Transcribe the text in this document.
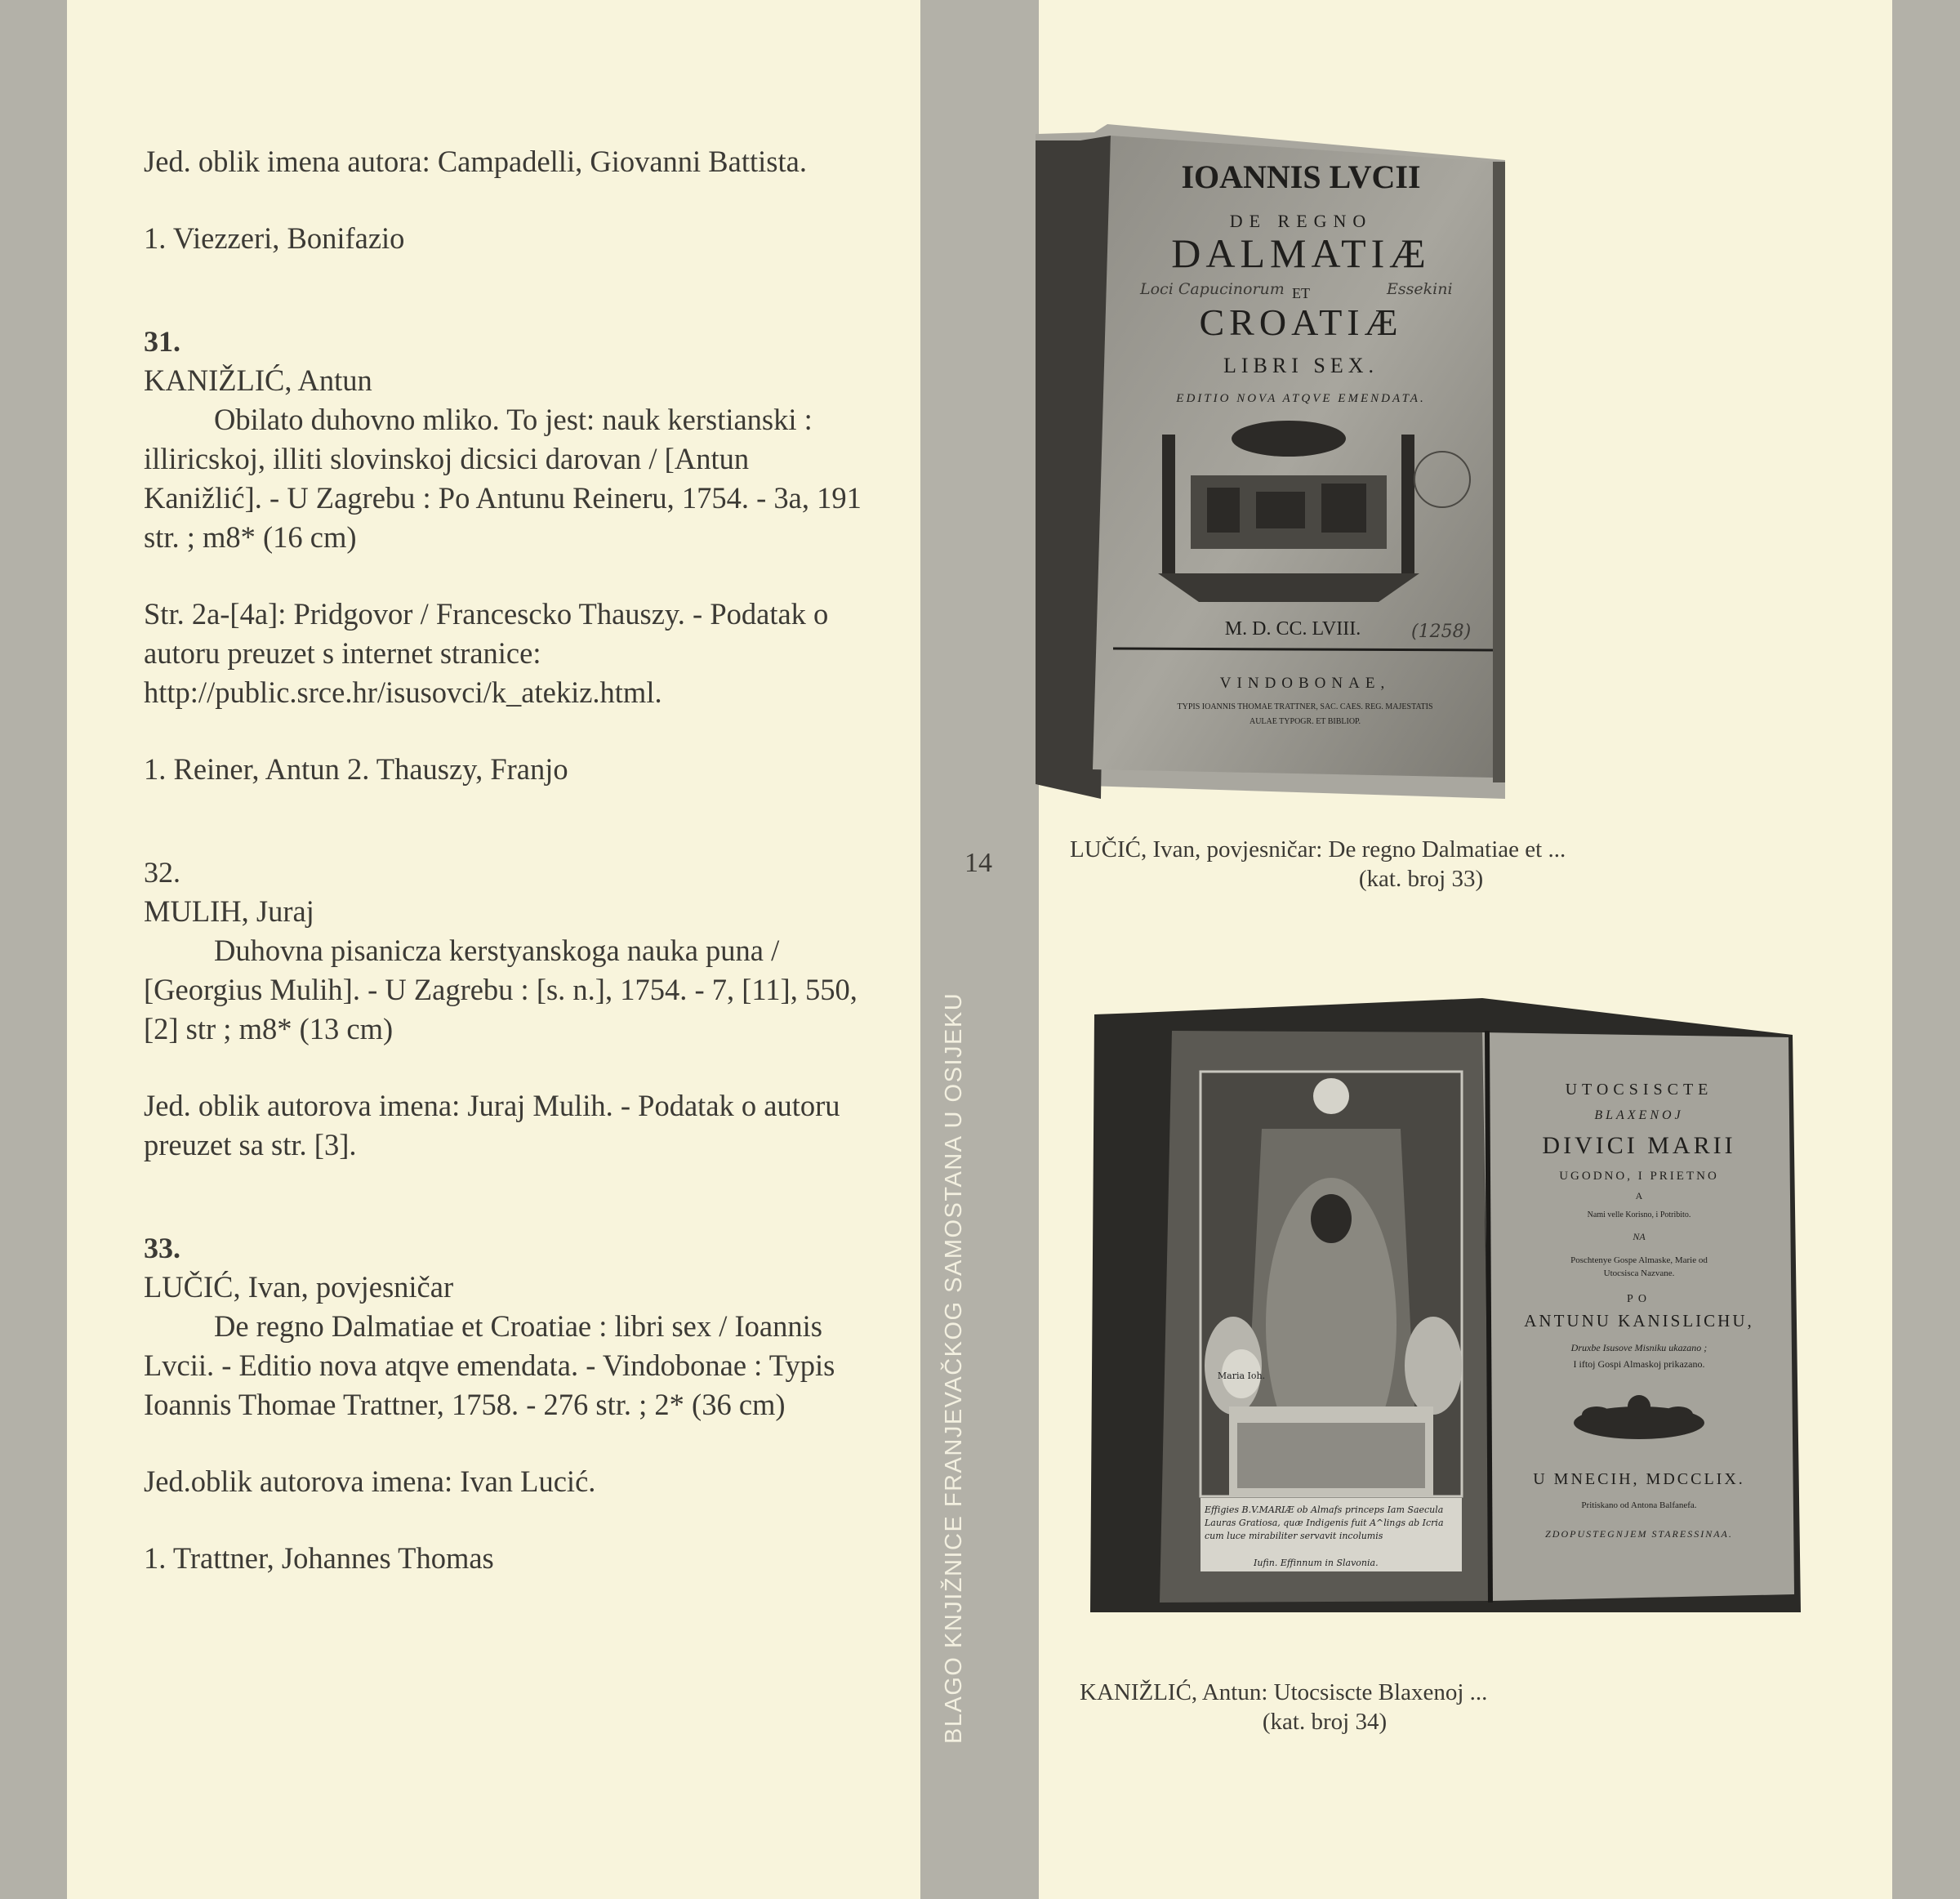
Jed. oblik imena autora: Campadelli, Giovanni Battista.

1. Viezzeri, Bonifazio

31.

KANIŽLIĆ, Antun

Obilato duhovno mliko. To jest: nauk kerstianski : illiricskoj, illiti slovinskoj dicsici darovan / [Antun Kanižlić]. - U Zagrebu : Po Antunu Reineru, 1754. - 3a, 191 str. ; m8* (16 cm)

Str. 2a-[4a]: Pridgovor / Francescko Thauszy. - Podatak o autoru preuzet s internet stranice: http://public.srce.hr/isusovci/k_atekiz.html.

1. Reiner, Antun 2. Thauszy, Franjo

32.

MULIH, Juraj

Duhovna pisanicza kerstyanskoga nauka puna / [Georgius Mulih]. - U Zagrebu : [s. n.], 1754. - 7, [11], 550, [2] str ; m8* (13 cm)

Jed. oblik autorova imena: Juraj Mulih. - Podatak o autoru preuzet sa str. [3].

33.

LUČIĆ, Ivan, povjesničar

De regno Dalmatiae et Croatiae : libri sex / Ioannis Lvcii. - Editio nova atqve emendata. - Vindobonae : Typis Ioannis Thomae Trattner, 1758. - 276 str. ; 2* (36 cm)

Jed.oblik autorova imena: Ivan Lucić.

1. Trattner, Johannes Thomas

14
BLAGO KNJIŽNICE FRANJEVAČKOG SAMOSTANA U OSIJEKU
IOANNIS LVCII
DE REGNO
DALMATIÆ
ET
CROATIÆ
LIBRI SEX.
EDITIO NOVA ATQVE EMENDATA.
M. D. CC. LVIII.
VINDOBONAE,
TYPIS IOANNIS THOMAE TRATTNER, SAC. CAES. REG. MAJESTATIS
AULAE TYPOGR. ET BIBLIOP.
Loci Capucinorum	Essekini
(1258)
LUČIĆ, Ivan, povjesničar: De regno Dalmatiae et ...
(kat. broj 33)
Maria Ioh.
Effigies B.V.MARIÆ ob Almafs princeps Iam Saecula
Lauras Gratiosa, quæ Indigenis fuit A^lings ab Icria
cum luce mirabiliter servavit incolumis
Iufin. Effinnum in Slavonia.
UTOCSISCTE
BLAXENOJ
DIVICI MARII
UGODNO, I PRIETNO
A
Nami velle Korisno, i Potribito.
NA
Poschtenye Gospe Almaske, Marie od
Utocsisca Nazvane.
PO
ANTUNU KANISLICHU,
Druxbe Isusove Misniku ukazano ;
I iftoj Gospi Almaskoj prikazano.
U MNECIH, MDCCLIX.
Pritiskano od Antona Balfanefa.
ZDOPUSTEGNJEM STARESSINAA.
KANIŽLIĆ, Antun: Utocsiscte Blaxenoj ...
(kat. broj 34)
